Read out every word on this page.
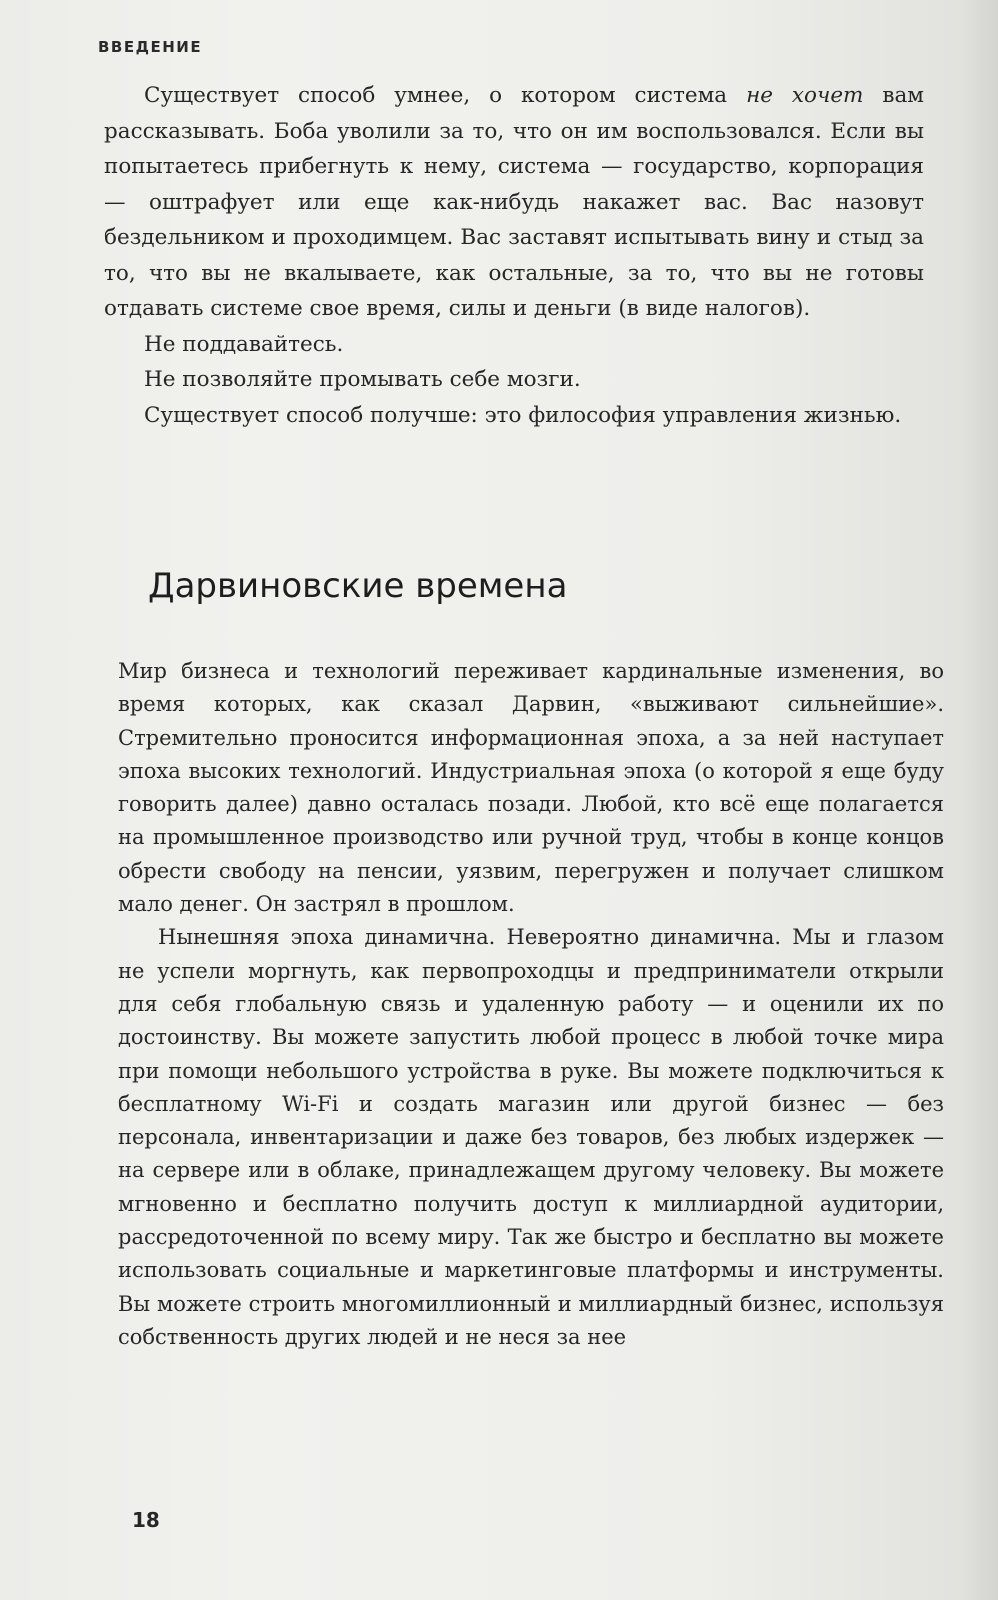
ВВЕДЕНИЕ

Существует способ умнее, о котором система не хочет вам рассказывать. Боба уволили за то, что он им воспользовался. Если вы попытаетесь прибегнуть к нему, система — государство, корпорация — оштрафует или еще как-нибудь накажет вас. Вас назовут бездельником и проходимцем. Вас заставят испытывать вину и стыд за то, что вы не вкалываете, как остальные, за то, что вы не готовы отдавать системе свое время, силы и деньги (в виде налогов).

Не поддавайтесь.

Не позволяйте промывать себе мозги.

Существует способ получше: это философия управления жизнью.

Дарвиновские времена

Мир бизнеса и технологий переживает кардинальные изменения, во время которых, как сказал Дарвин, «выживают сильнейшие». Стремительно проносится информационная эпоха, а за ней наступает эпоха высоких технологий. Индустриальная эпоха (о которой я еще буду говорить далее) давно осталась позади. Любой, кто всё еще полагается на промышленное производство или ручной труд, чтобы в конце концов обрести свободу на пенсии, уязвим, перегружен и получает слишком мало денег. Он застрял в прошлом.

Нынешняя эпоха динамична. Невероятно динамична. Мы и глазом не успели моргнуть, как первопроходцы и предприниматели открыли для себя глобальную связь и удаленную работу — и оценили их по достоинству. Вы можете запустить любой процесс в любой точке мира при помощи небольшого устройства в руке. Вы можете подключиться к бесплатному Wi-Fi и создать магазин или другой бизнес — без персонала, инвентаризации и даже без товаров, без любых издержек — на сервере или в облаке, принадлежащем другому человеку. Вы можете мгновенно и бесплатно получить доступ к миллиардной аудитории, рассредоточенной по всему миру. Так же быстро и бесплатно вы можете использовать социальные и маркетинговые платформы и инструменты. Вы можете строить многомиллионный и миллиардный бизнес, используя собственность других людей и не неся за нее

18
